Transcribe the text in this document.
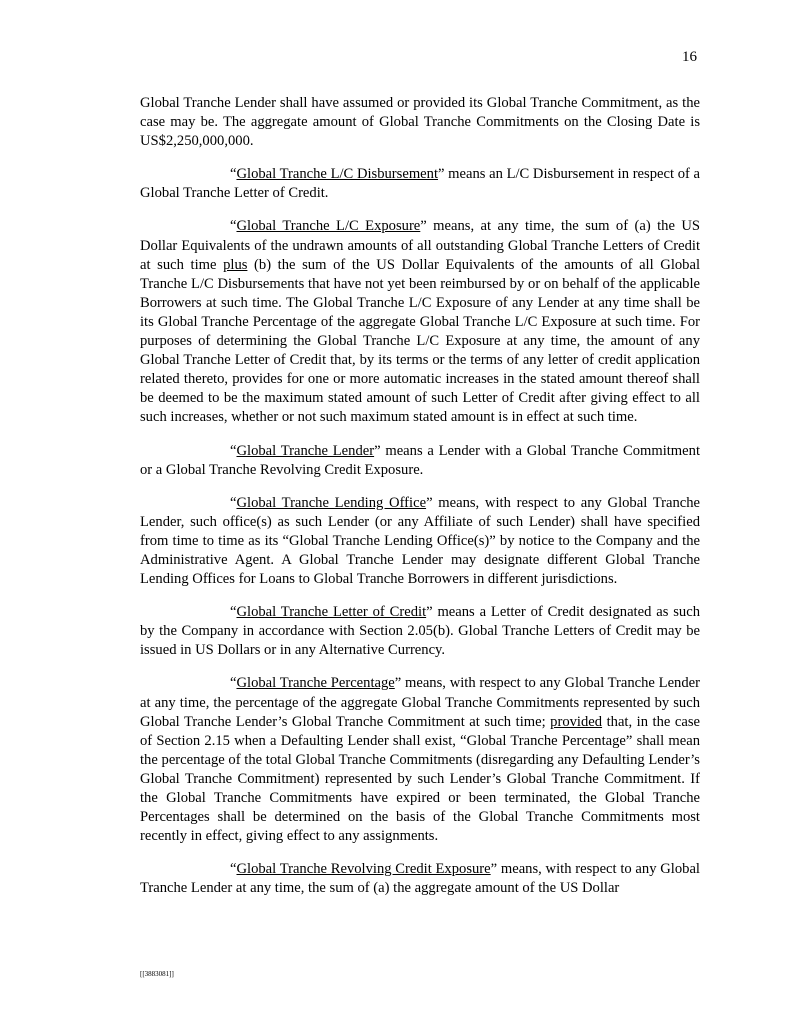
16

Global Tranche Lender shall have assumed or provided its Global Tranche Commitment, as the case may be. The aggregate amount of Global Tranche Commitments on the Closing Date is US$2,250,000,000.

“Global Tranche L/C Disbursement” means an L/C Disbursement in respect of a Global Tranche Letter of Credit.

“Global Tranche L/C Exposure” means, at any time, the sum of (a) the US Dollar Equivalents of the undrawn amounts of all outstanding Global Tranche Letters of Credit at such time plus (b) the sum of the US Dollar Equivalents of the amounts of all Global Tranche L/C Disbursements that have not yet been reimbursed by or on behalf of the applicable Borrowers at such time. The Global Tranche L/C Exposure of any Lender at any time shall be its Global Tranche Percentage of the aggregate Global Tranche L/C Exposure at such time. For purposes of determining the Global Tranche L/C Exposure at any time, the amount of any Global Tranche Letter of Credit that, by its terms or the terms of any letter of credit application related thereto, provides for one or more automatic increases in the stated amount thereof shall be deemed to be the maximum stated amount of such Letter of Credit after giving effect to all such increases, whether or not such maximum stated amount is in effect at such time.

“Global Tranche Lender” means a Lender with a Global Tranche Commitment or a Global Tranche Revolving Credit Exposure.

“Global Tranche Lending Office” means, with respect to any Global Tranche Lender, such office(s) as such Lender (or any Affiliate of such Lender) shall have specified from time to time as its “Global Tranche Lending Office(s)” by notice to the Company and the Administrative Agent. A Global Tranche Lender may designate different Global Tranche Lending Offices for Loans to Global Tranche Borrowers in different jurisdictions.

“Global Tranche Letter of Credit” means a Letter of Credit designated as such by the Company in accordance with Section 2.05(b). Global Tranche Letters of Credit may be issued in US Dollars or in any Alternative Currency.

“Global Tranche Percentage” means, with respect to any Global Tranche Lender at any time, the percentage of the aggregate Global Tranche Commitments represented by such Global Tranche Lender’s Global Tranche Commitment at such time; provided that, in the case of Section 2.15 when a Defaulting Lender shall exist, “Global Tranche Percentage” shall mean the percentage of the total Global Tranche Commitments (disregarding any Defaulting Lender’s Global Tranche Commitment) represented by such Lender’s Global Tranche Commitment. If the Global Tranche Commitments have expired or been terminated, the Global Tranche Percentages shall be determined on the basis of the Global Tranche Commitments most recently in effect, giving effect to any assignments.

“Global Tranche Revolving Credit Exposure” means, with respect to any Global Tranche Lender at any time, the sum of (a) the aggregate amount of the US Dollar

[[3883081]]
